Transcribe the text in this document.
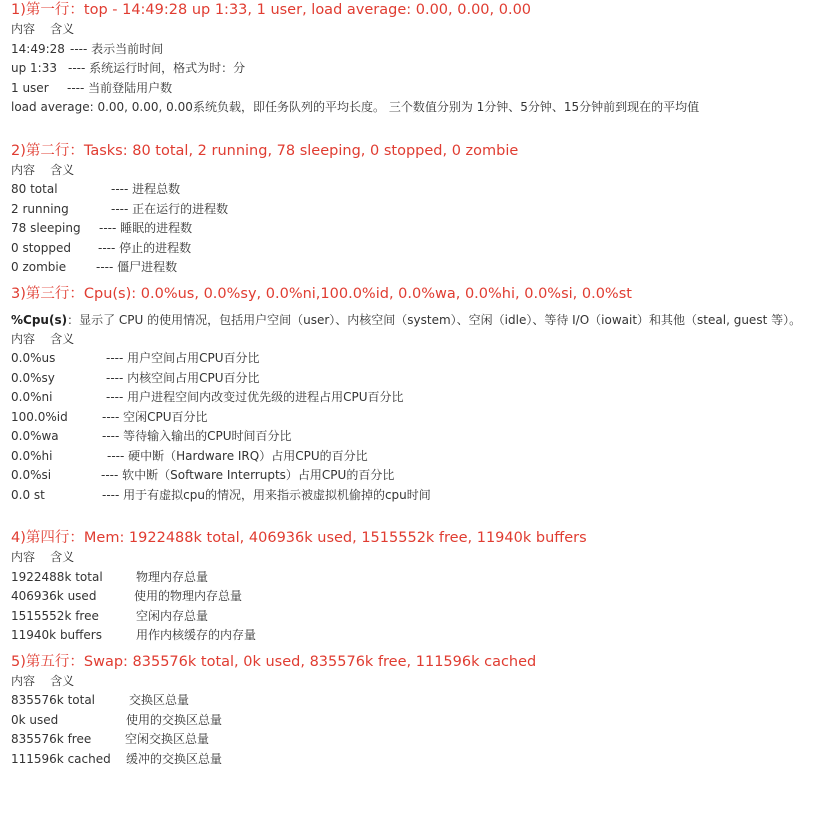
1)第一行：top - 14:49:28 up 1:33, 1 user, load average: 0.00, 0.00, 0.00
内容    含义
14:49:28 ---- 表示当前时间
up 1:33 ---- 系统运行时间，格式为时：分
1 user ---- 当前登陆用户数
load average: 0.00, 0.00, 0.00系统负载，即任务队列的平均长度。 三个数值分别为 1分钟、5分钟、15分钟前到现在的平均值
2)第二行：Tasks: 80 total, 2 running, 78 sleeping, 0 stopped, 0 zombie
内容    含义
80 total	---- 进程总数
2 running	---- 正在运行的进程数
78 sleeping ---- 睡眠的进程数
0 stopped ---- 停止的进程数
0 zombie ---- 僵尸进程数
3)第三行：Cpu(s): 0.0%us, 0.0%sy, 0.0%ni,100.0%id, 0.0%wa, 0.0%hi, 0.0%si, 0.0%st
%Cpu(s)：显示了 CPU 的使用情况，包括用户空间（user）、内核空间（system）、空闲（idle）、等待 I/O（iowait）和其他（steal, guest 等）。
内容    含义
0.0%us	---- 用户空间占用CPU百分比
0.0%sy	---- 内核空间占用CPU百分比
0.0%ni	---- 用户进程空间内改变过优先级的进程占用CPU百分比
100.0%id	---- 空闲CPU百分比
0.0%wa	---- 等待输入输出的CPU时间百分比
0.0%hi	---- 硬中断（Hardware IRQ）占用CPU的百分比
0.0%si	---- 软中断（Software Interrupts）占用CPU的百分比
0.0 st	---- 用于有虚拟cpu的情况，用来指示被虚拟机偷掉的cpu时间
4)第四行：Mem: 1922488k total, 406936k used, 1515552k free, 11940k buffers
内容    含义
1922488k total	物理内存总量
406936k used	使用的物理内存总量
1515552k free	空闲内存总量
11940k buffers	用作内核缓存的内存量
5)第五行：Swap: 835576k total, 0k used, 835576k free, 111596k cached
内容    含义
835576k total	交换区总量
0k used	使用的交换区总量
835576k free	空闲交换区总量
111596k cached 缓冲的交换区总量
